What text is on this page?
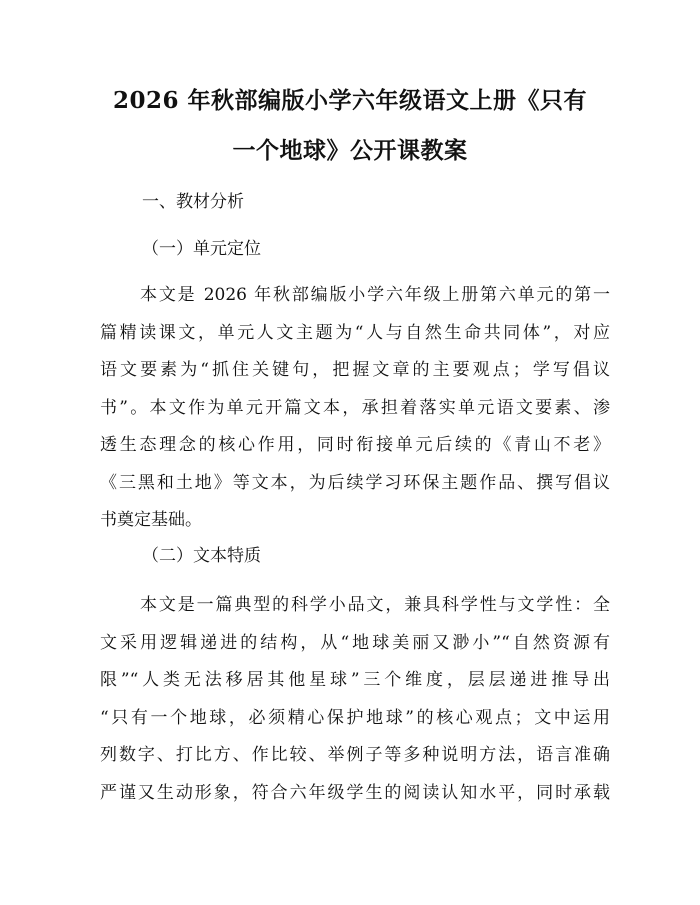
2026 年秋部编版小学六年级语文上册《只有
一个地球》公开课教案
一、教材分析
（一）单元定位
本文是 2026 年秋部编版小学六年级上册第六单元的第一
篇精读课文，单元人文主题为“人与自然生命共同体”，对应
语文要素为“抓住关键句，把握文章的主要观点；学写倡议
书”。本文作为单元开篇文本，承担着落实单元语文要素、渗
透生态理念的核心作用，同时衔接单元后续的《青山不老》
《三黑和土地》等文本，为后续学习环保主题作品、撰写倡议
书奠定基础。
（二）文本特质
本文是一篇典型的科学小品文，兼具科学性与文学性：全
文采用逻辑递进的结构，从“地球美丽又渺小”“自然资源有
限”“人类无法移居其他星球”三个维度，层层递进推导出
“只有一个地球，必须精心保护地球”的核心观点；文中运用
列数字、打比方、作比较、举例子等多种说明方法，语言准确
严谨又生动形象，符合六年级学生的阅读认知水平，同时承载
